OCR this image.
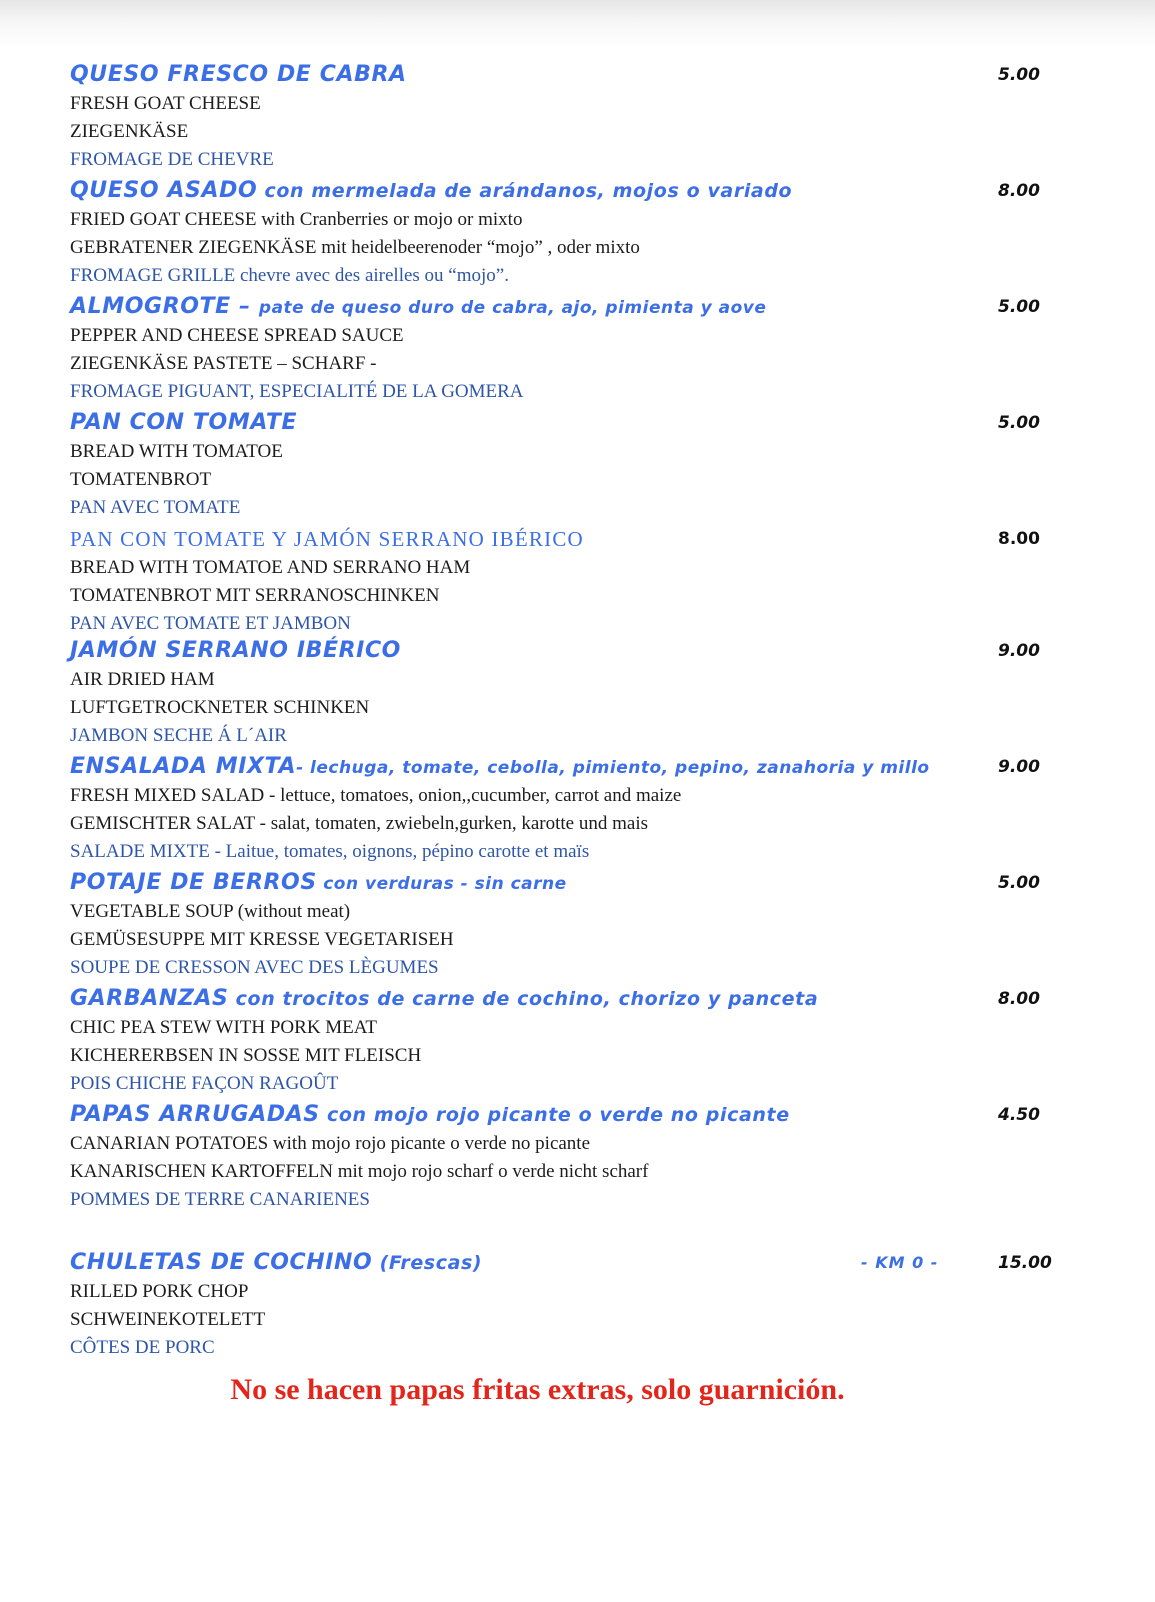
QUESO FRESCO DE CABRA	5.00
FRESH GOAT CHEESE
ZIEGENKÄSE
FROMAGE DE CHEVRE
QUESO ASADO con mermelada de arándanos, mojos o variado	8.00
FRIED GOAT CHEESE with Cranberries or mojo or mixto
GEBRATENER ZIEGENKÄSE mit heidelbeerenoder “mojo” , oder mixto
FROMAGE GRILLE chevre avec des airelles ou “mojo”.
ALMOGROTE – pate de queso duro de cabra, ajo, pimienta y aove	5.00
PEPPER AND CHEESE SPREAD SAUCE
ZIEGENKÄSE PASTETE – SCHARF -
FROMAGE PIGUANT, ESPECIALITÉ DE LA GOMERA
PAN CON TOMATE	5.00
BREAD WITH TOMATOE
TOMATENBROT
PAN AVEC TOMATE
PAN CON TOMATE Y JAMÓN SERRANO IBÉRICO	8.00
BREAD WITH TOMATOE AND SERRANO HAM
TOMATENBROT MIT SERRANOSCHINKEN
PAN AVEC TOMATE ET JAMBON
JAMÓN SERRANO IBÉRICO	9.00
AIR DRIED HAM
LUFTGETROCKNETER SCHINKEN
JAMBON SECHE Á L´AIR
ENSALADA MIXTA- lechuga, tomate, cebolla, pimiento, pepino, zanahoria y millo	9.00
FRESH MIXED SALAD - lettuce, tomatoes, onion,,cucumber, carrot and maize
GEMISCHTER SALAT - salat, tomaten, zwiebeln,gurken, karotte und mais
SALADE MIXTE - Laitue, tomates, oignons, pépino carotte et maïs
POTAJE DE BERROS con verduras - sin carne	5.00
VEGETABLE SOUP (without meat)
GEMÜSESUPPE MIT KRESSE VEGETARISEH
SOUPE DE CRESSON AVEC DES LÈGUMES
GARBANZAS con trocitos de carne de cochino, chorizo y panceta	8.00
CHIC PEA STEW WITH PORK MEAT
KICHERERBSEN IN SOSSE MIT FLEISCH
POIS CHICHE FAÇON RAGOÛT
PAPAS ARRUGADAS con mojo rojo picante o verde no picante	4.50
CANARIAN POTATOES with mojo rojo picante o verde no picante
KANARISCHEN KARTOFFELN mit mojo rojo scharf o verde nicht scharf
POMMES DE TERRE CANARIENES
CHULETAS DE COCHINO (Frescas)	- KM 0 -	15.00
RILLED PORK CHOP
SCHWEINEKOTELETT
CÔTES DE PORC
No se hacen papas fritas extras, solo guarnición.
